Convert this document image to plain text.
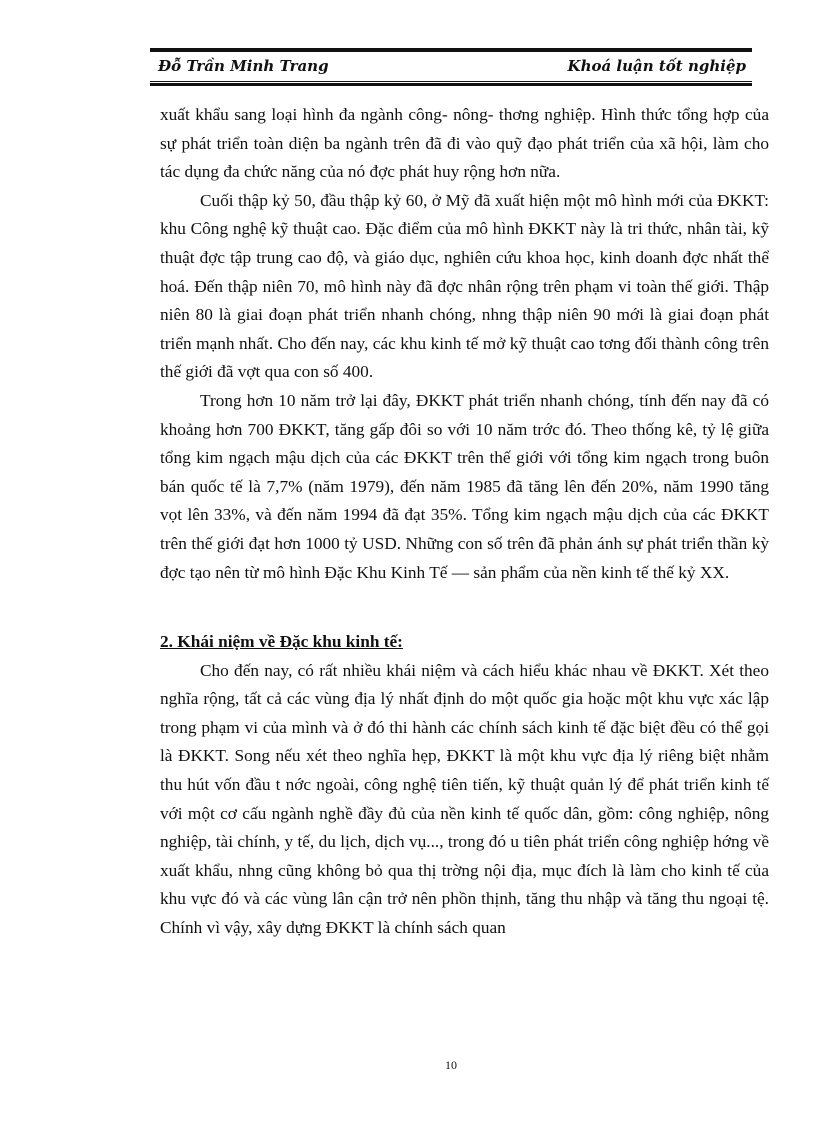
Đỗ Trần Minh Trang	Khoá luận tốt nghiệp

xuất khẩu sang loại hình đa ngành công- nông- thơng nghiệp. Hình thức tổng hợp của sự phát triển toàn diện ba ngành trên đã đi vào quỹ đạo phát triển của xã hội, làm cho tác dụng đa chức năng của nó đợc phát huy rộng hơn nữa.

Cuối thập kỷ 50, đầu thập kỷ 60, ở Mỹ đã xuất hiện một mô hình mới của ĐKKT: khu Công nghệ kỹ thuật cao. Đặc điểm của mô hình ĐKKT này là tri thức, nhân tài, kỹ thuật đợc tập trung cao độ, và giáo dục, nghiên cứu khoa học, kinh doanh đợc nhất thể hoá. Đến thập niên 70, mô hình này đã đợc nhân rộng trên phạm vi toàn thế giới. Thập niên 80 là giai đoạn phát triển nhanh chóng, nhng thập niên 90 mới là giai đoạn phát triển mạnh nhất. Cho đến nay, các khu kinh tế mở kỹ thuật cao tơng đối thành công trên thế giới đã vợt qua con số 400.

Trong hơn 10 năm trở lại đây, ĐKKT phát triển nhanh chóng, tính đến nay đã có khoảng hơn 700 ĐKKT, tăng gấp đôi so với 10 năm trớc đó. Theo thống kê, tỷ lệ giữa tổng kim ngạch mậu dịch của các ĐKKT trên thế giới với tổng kim ngạch trong buôn bán quốc tế là 7,7% (năm 1979), đến năm 1985 đã tăng lên đến 20%, năm 1990 tăng vọt lên 33%, và đến năm 1994 đã đạt 35%. Tổng kim ngạch mậu dịch của các ĐKKT trên thế giới đạt hơn 1000 tỷ USD. Những con số trên đã phản ánh sự phát triển thần kỳ đợc tạo nên từ mô hình Đặc Khu Kinh Tế — sản phẩm của nền kinh tế thế kỷ XX.

2. Khái niệm về Đặc khu kinh tế:

Cho đến nay, có rất nhiều khái niệm và cách hiểu khác nhau về ĐKKT. Xét theo nghĩa rộng, tất cả các vùng địa lý nhất định do một quốc gia hoặc một khu vực xác lập trong phạm vi của mình và ở đó thi hành các chính sách kinh tế đặc biệt đều có thể gọi là ĐKKT. Song nếu xét theo nghĩa hẹp, ĐKKT là một khu vực địa lý riêng biệt nhằm thu hút vốn đầu t nớc ngoài, công nghệ tiên tiến, kỹ thuật quản lý để phát triển kinh tế với một cơ cấu ngành nghề đầy đủ của nền kinh tế quốc dân, gồm: công nghiệp, nông nghiệp, tài chính, y tế, du lịch, dịch vụ..., trong đó u tiên phát triển công nghiệp hớng về xuất khẩu, nhng cũng không bỏ qua thị trờng nội địa, mục đích là làm cho kinh tế của khu vực đó và các vùng lân cận trở nên phồn thịnh, tăng thu nhập và tăng thu ngoại tệ. Chính vì vậy, xây dựng ĐKKT là chính sách quan

10
